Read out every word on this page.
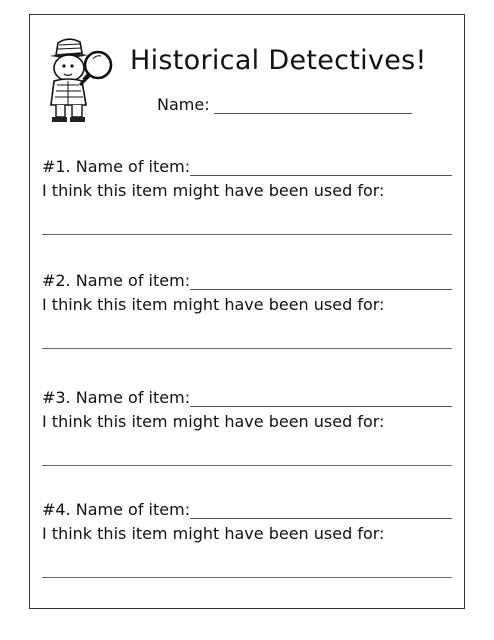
Historical Detectives!
Name:
#1. Name of item:
I think this item might have been used for:
#2. Name of item:
I think this item might have been used for:
#3. Name of item:
I think this item might have been used for:
#4. Name of item:
I think this item might have been used for:
